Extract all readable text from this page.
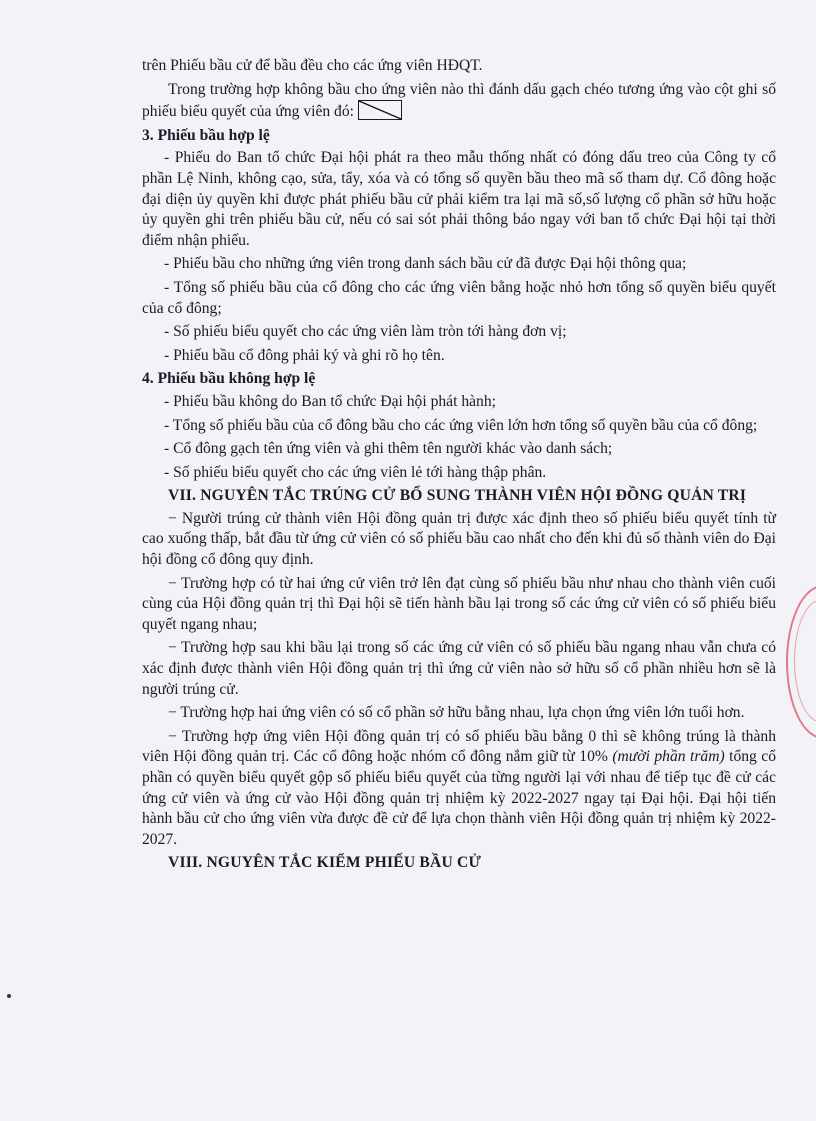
trên Phiếu bầu cử để bầu đều cho các ứng viên HĐQT.

Trong trường hợp không bầu cho ứng viên nào thì đánh dấu gạch chéo tương ứng vào cột ghi số phiếu biểu quyết của ứng viên đó:

3. Phiếu bầu hợp lệ

- Phiếu do Ban tổ chức Đại hội phát ra theo mẫu thống nhất có đóng dấu treo của Công ty cổ phần Lệ Ninh, không cạo, sửa, tẩy, xóa và có tổng số quyền bầu theo mã số tham dự. Cổ đông hoặc đại diện ủy quyền khi được phát phiếu bầu cử phải kiểm tra lại mã số,số lượng cổ phần sở hữu hoặc ủy quyền ghi trên phiếu bầu cử, nếu có sai sót phải thông báo ngay với ban tổ chức Đại hội tại thời điểm nhận phiếu.

- Phiếu bầu cho những ứng viên trong danh sách bầu cử đã được Đại hội thông qua;

- Tổng số phiếu bầu của cổ đông cho các ứng viên bằng hoặc nhỏ hơn tổng số quyền biểu quyết của cổ đông;

- Số phiếu biểu quyết cho các ứng viên làm tròn tới hàng đơn vị;

- Phiếu bầu cổ đông phải ký và ghi rõ họ tên.

4. Phiếu bầu không hợp lệ

- Phiếu bầu không do Ban tổ chức Đại hội phát hành;

- Tổng số phiếu bầu của cổ đông bầu cho các ứng viên lớn hơn tổng số quyền bầu của cổ đông;

- Cổ đông gạch tên ứng viên và ghi thêm tên người khác vào danh sách;

- Số phiếu biểu quyết cho các ứng viên lẻ tới hàng thập phân.

VII. NGUYÊN TẮC TRÚNG CỬ BỔ SUNG THÀNH VIÊN HỘI ĐỒNG QUẢN TRỊ

− Người trúng cử thành viên Hội đồng quản trị được xác định theo số phiếu biểu quyết tính từ cao xuống thấp, bắt đầu từ ứng cử viên có số phiếu bầu cao nhất cho đến khi đủ số thành viên do Đại hội đồng cổ đông quy định.

− Trường hợp có từ hai ứng cử viên trở lên đạt cùng số phiếu bầu như nhau cho thành viên cuối cùng của Hội đồng quản trị thì Đại hội sẽ tiến hành bầu lại trong số các ứng cử viên có số phiếu biểu quyết ngang nhau;

− Trường hợp sau khi bầu lại trong số các ứng cử viên có số phiếu bầu ngang nhau vẫn chưa có xác định được thành viên Hội đồng quản trị thì ứng cử viên nào sở hữu số cổ phần nhiều hơn sẽ là người trúng cử.

− Trường hợp hai ứng viên có số cổ phần sở hữu bằng nhau, lựa chọn ứng viên lớn tuổi hơn.

− Trường hợp ứng viên Hội đồng quản trị có số phiếu bầu bằng 0 thì sẽ không trúng là thành viên Hội đồng quản trị. Các cổ đông hoặc nhóm cổ đông nắm giữ từ 10% (mười phần trăm) tổng cổ phần có quyền biểu quyết gộp số phiếu biểu quyết của từng người lại với nhau để tiếp tục đề cử các ứng cử viên và ứng cử vào Hội đồng quản trị nhiệm kỳ 2022-2027 ngay tại Đại hội. Đại hội tiến hành bầu cử cho ứng viên vừa được đề cử để lựa chọn thành viên Hội đồng quản trị nhiệm kỳ 2022-2027.

VIII. NGUYÊN TẮC KIỂM PHIẾU BẦU CỬ
